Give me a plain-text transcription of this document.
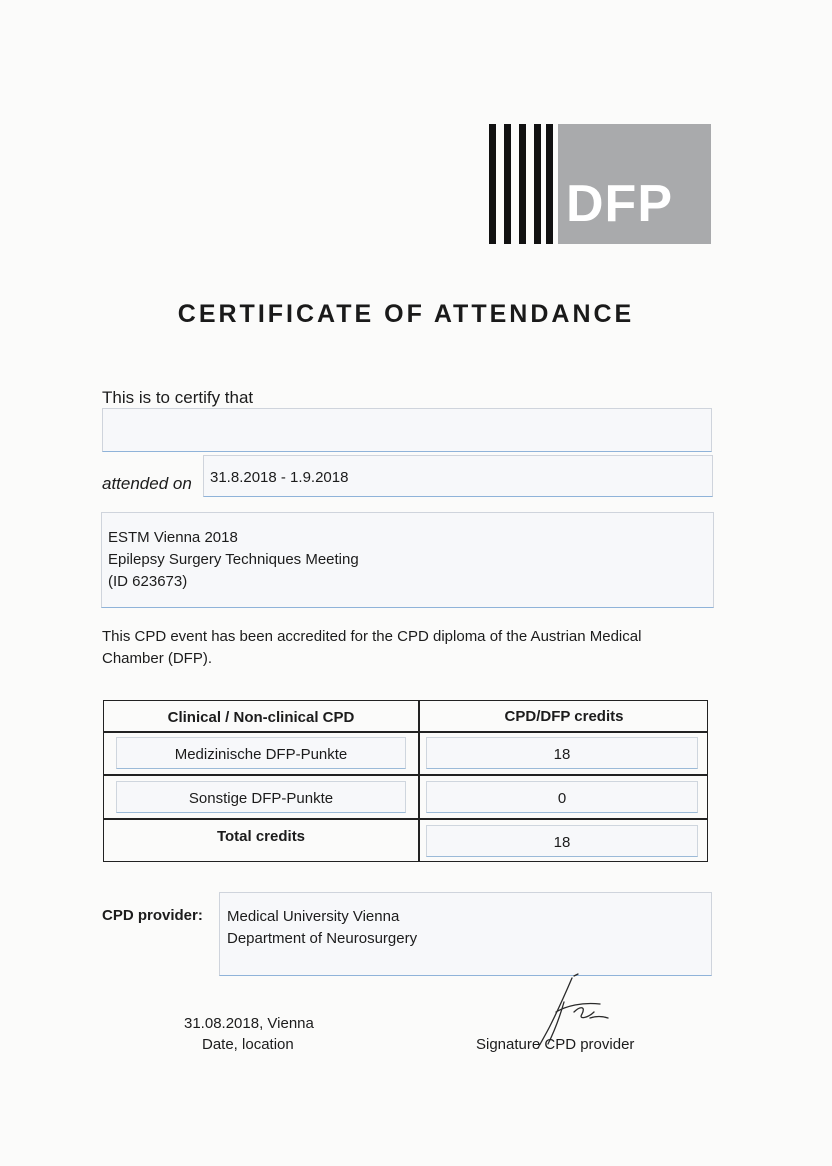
DFP
CERTIFICATE OF ATTENDANCE
This is to certify that
attended on 31.8.2018 - 1.9.2018
ESTM Vienna 2018
Epilepsy Surgery Techniques Meeting
(ID 623673)
This CPD event has been accredited for the CPD diploma of the Austrian Medical Chamber (DFP).
Clinical / Non-clinical CPD	CPD/DFP credits
Medizinische DFP-Punkte	18
Sonstige DFP-Punkte	0
Total credits	18
CPD provider: Medical University Vienna
Department of Neurosurgery
31.08.2018, Vienna
Date, location	Signature CPD provider
